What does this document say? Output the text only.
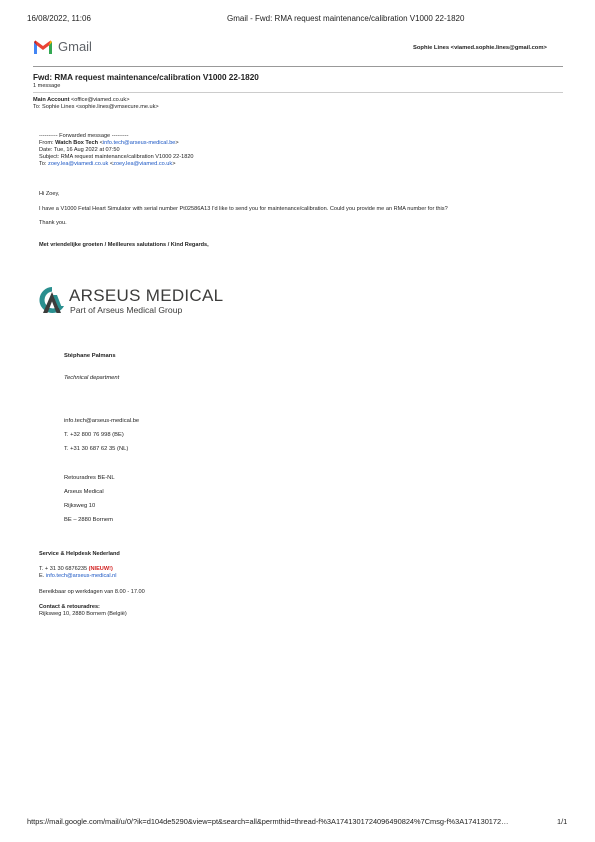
16/08/2022, 11:06	Gmail - Fwd: RMA request maintenance/calibration V1000 22-1820
Gmail	Sophie Lines <viamed.sophie.lines@gmail.com>
Fwd: RMA request maintenance/calibration V1000 22-1820
1 message
Main Account <office@viamed.co.uk>
To: Sophie Lines <sophie.lines@vmsecure.me.uk>
---------- Forwarded message ---------
From: Watch Box Tech <info.tech@arseus-medical.be>
Date: Tue, 16 Aug 2022 at 07:50
Subject: RMA request maintenance/calibration V1000 22-1820
To: zoey.lea@viamedi.co.uk <zoey.lea@viamed.co.uk>
Hi Zoey,
I have a V1000 Fetal Heart Simulator with serial number Pt02586A13 I'd like to send you for maintenance/calibration. Could you provide me an RMA number for this?
Thank you.
Met vriendelijke groeten / Meilleures salutations / Kind Regards,
ARSEUS MEDICAL
Part of Arseus Medical Group
Stéphane Palmans
Technical department
info.tech@arseus-medical.be
T. +32 800 76 998 (BE)
T. +31 30 687 62 35 (NL)
Retouradres BE-NL
Arseus Medical
Rijksweg 10
BE – 2880 Bornem
Service & Helpdesk Nederland
T. + 31 30 6876235 (NIEUW!)
E. info.tech@arseus-medical.nl
Bereikbaar op werkdagen van 8.00 - 17.00
Contact & retouradres:
Rijksweg 10, 2880 Bornem (België)
https://mail.google.com/mail/u/0/?ik=d104de5290&view=pt&search=all&permthid=thread-f%3A1741301724096490824%7Cmsg-f%3A174130172…	1/1
